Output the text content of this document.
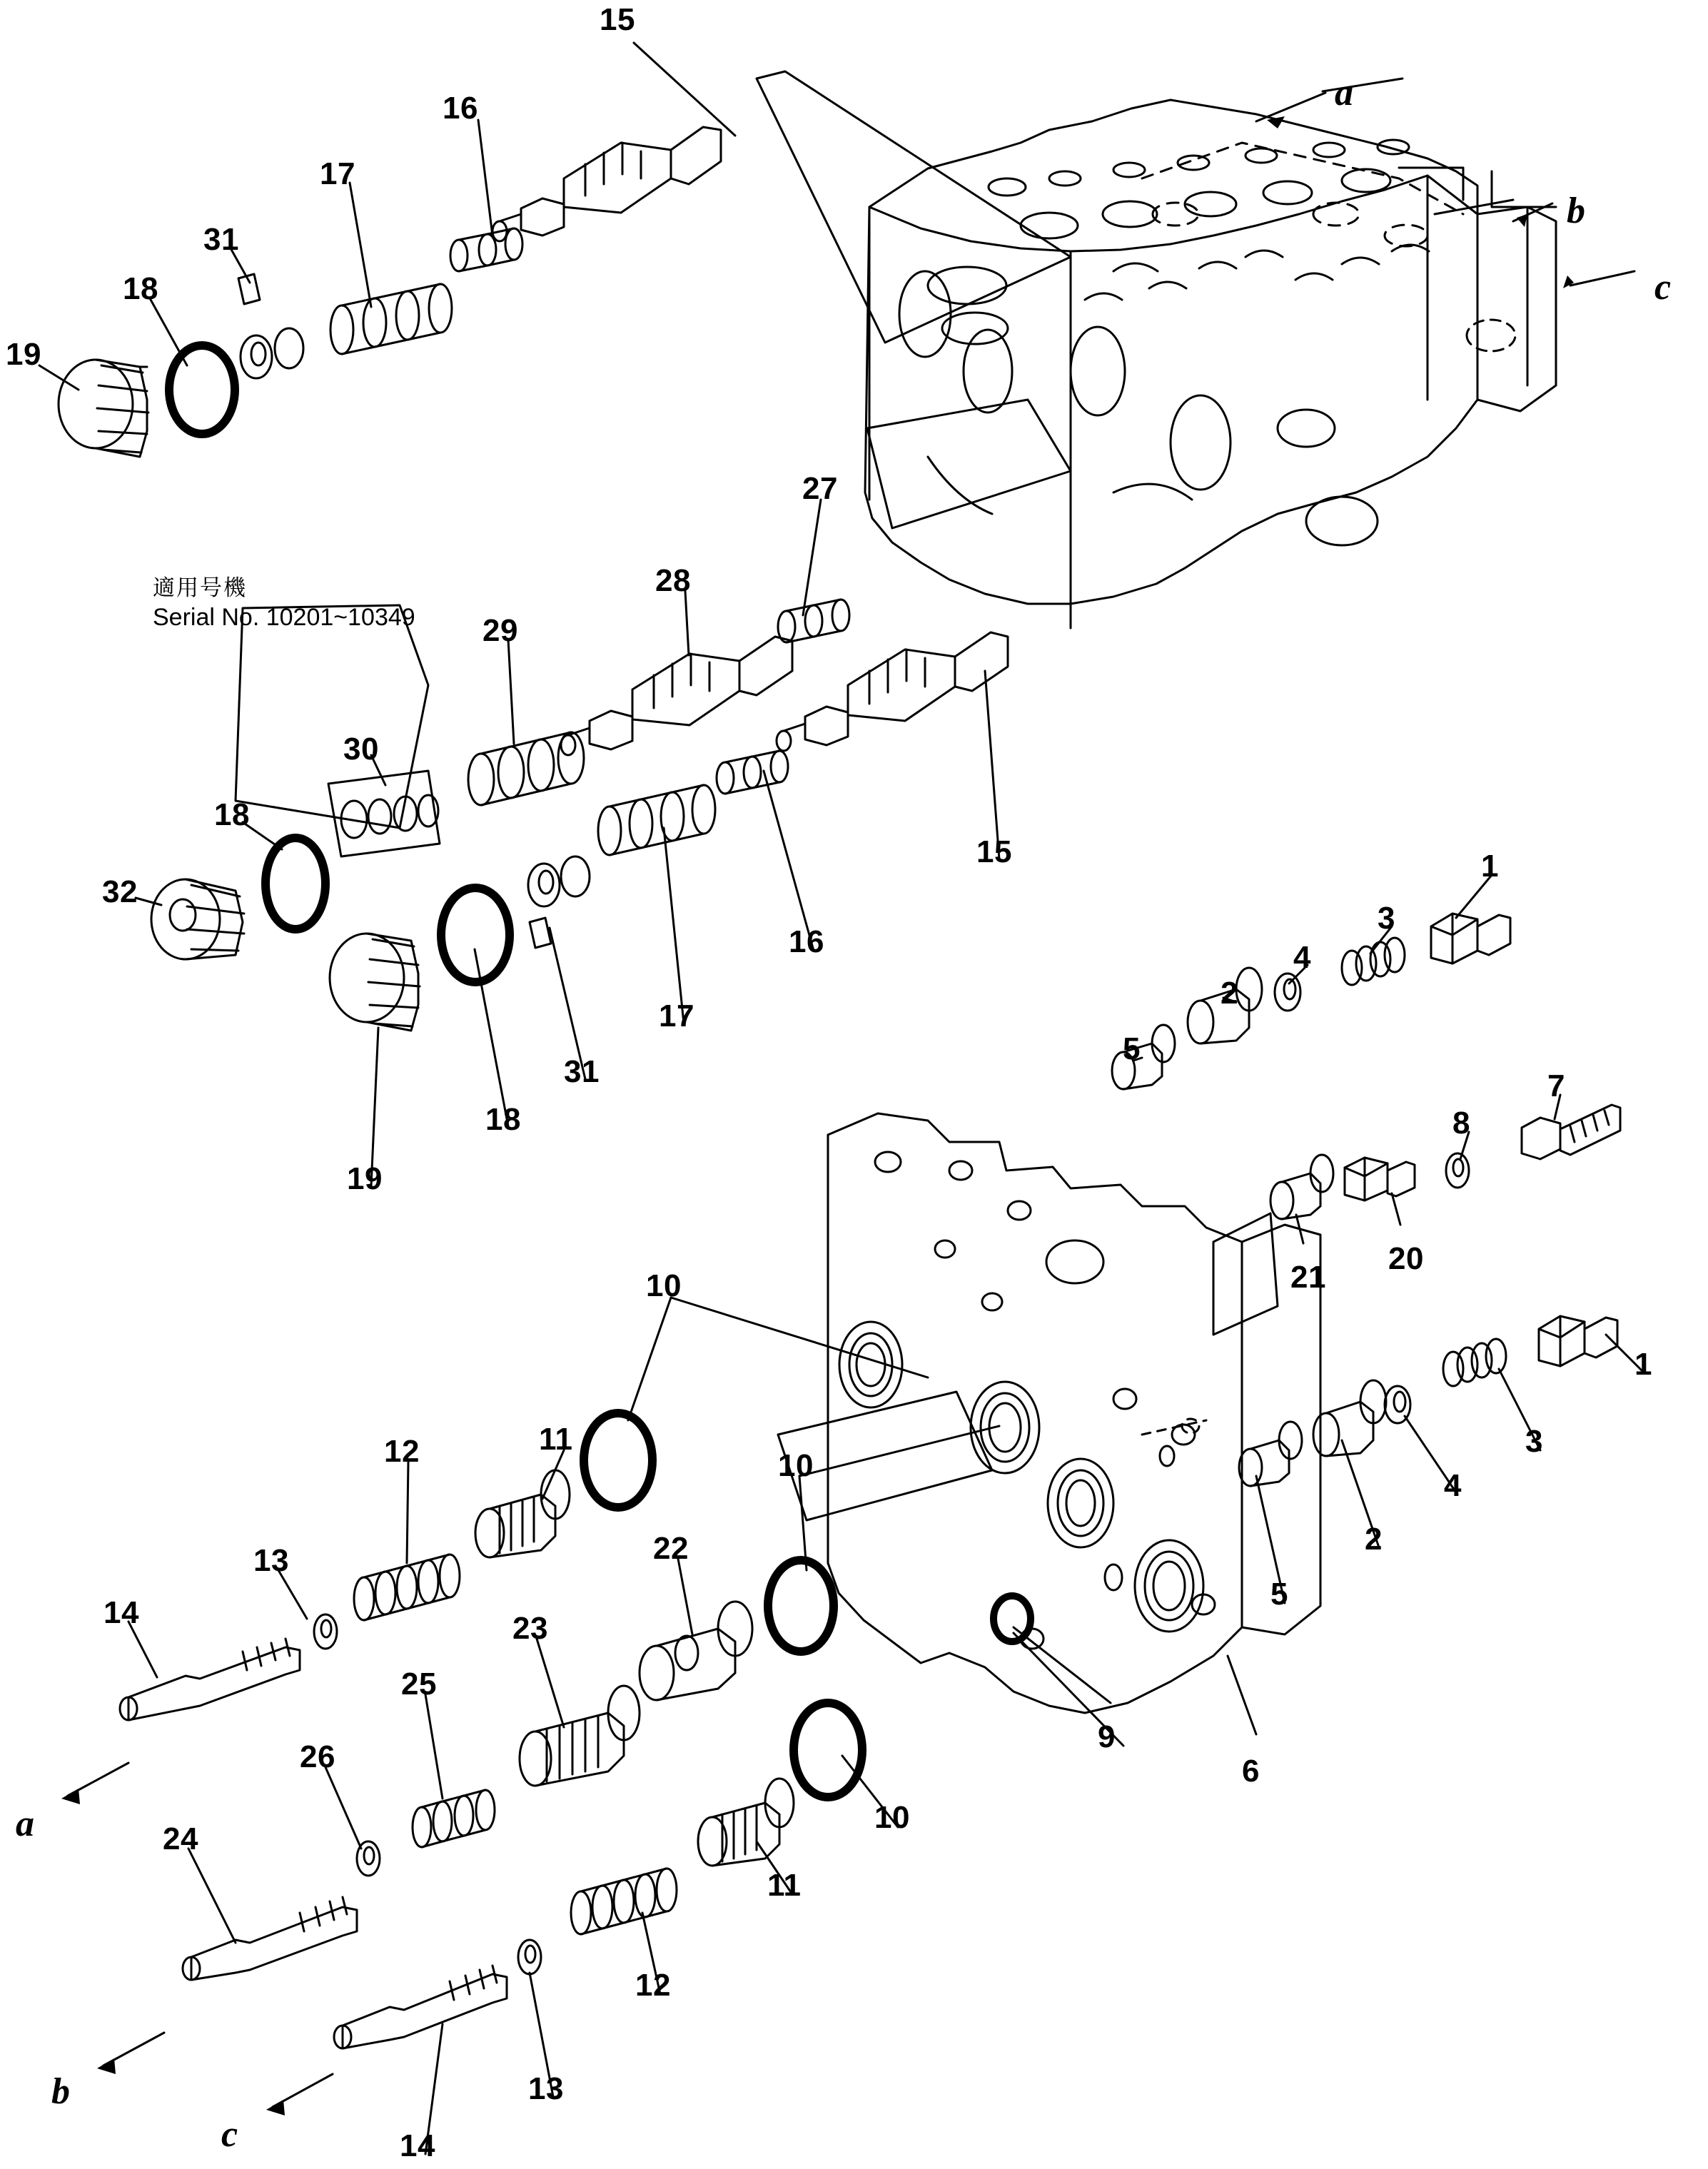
適用号機
Serial No. 10201~10349
15
16
17
31
18
19
27
28
29
30
18
32
15
16
17
31
18
19
1
3
4
2
5
7
8
20
21
1
3
4
2
5
6
9
10
11
12
13
14
10
22
23
25
26
24
10
11
12
13
14
a
b
c
a
b
c
